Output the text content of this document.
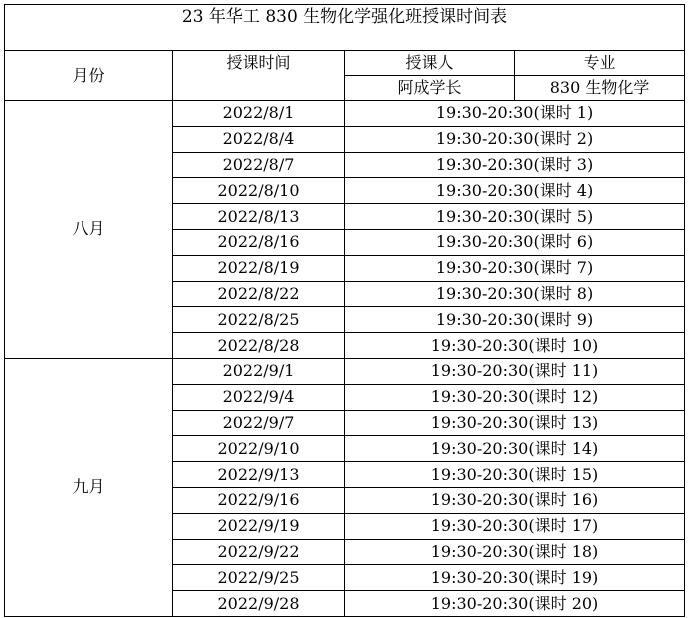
23 年华工 830 生物化学强化班授课时间表			
月份	授课时间	授课人	专业
		阿成学长	830 生物化学
八月	2022/8/1	19:30-20:30(课时 1)	
	2022/8/4	19:30-20:30(课时 2)	
	2022/8/7	19:30-20:30(课时 3)	
	2022/8/10	19:30-20:30(课时 4)	
	2022/8/13	19:30-20:30(课时 5)	
	2022/8/16	19:30-20:30(课时 6)	
	2022/8/19	19:30-20:30(课时 7)	
	2022/8/22	19:30-20:30(课时 8)	
	2022/8/25	19:30-20:30(课时 9)	
	2022/8/28	19:30-20:30(课时 10)	
九月	2022/9/1	19:30-20:30(课时 11)	
	2022/9/4	19:30-20:30(课时 12)	
	2022/9/7	19:30-20:30(课时 13)	
	2022/9/10	19:30-20:30(课时 14)	
	2022/9/13	19:30-20:30(课时 15)	
	2022/9/16	19:30-20:30(课时 16)	
	2022/9/19	19:30-20:30(课时 17)	
	2022/9/22	19:30-20:30(课时 18)	
	2022/9/25	19:30-20:30(课时 19)	
	2022/9/28	19:30-20:30(课时 20)	
